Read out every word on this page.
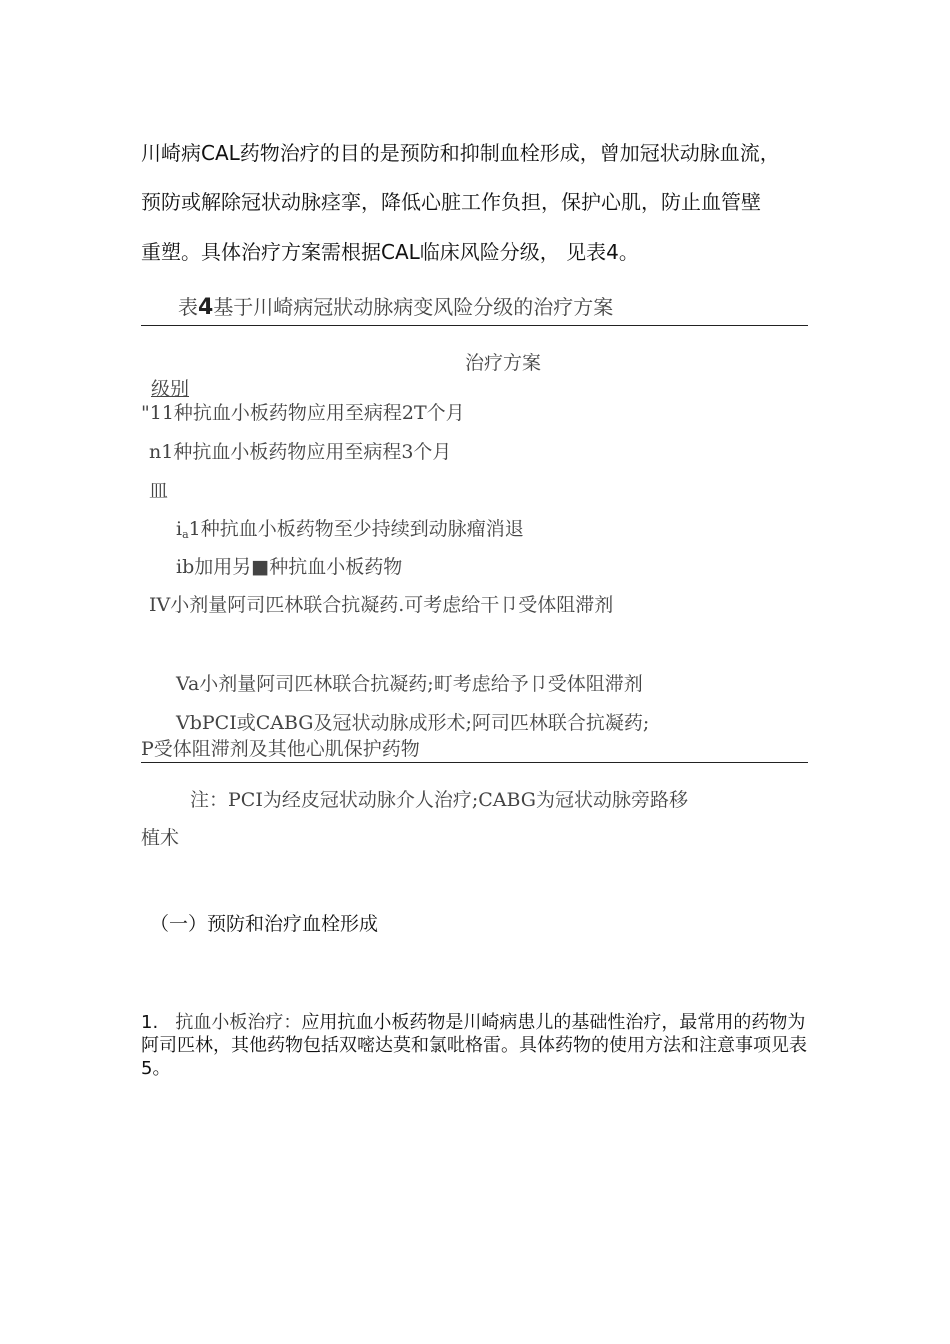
川崎病CAL药物治疗的目的是预防和抑制血栓形成，曾加冠状动脉血流，
预防或解除冠状动脉痉挛，降低心脏工作负担，保护心肌，防止血管壁
重塑。具体治疗方案需根据CAL临床风险分级， 见表4。
表4基于川崎病冠狀动脉病变风险分级的治疗方案
治疗方案
级别
"11种抗血小板药物应用至病程2T个月
n1种抗血小板药物应用至病程3个月
皿
$i_a1$种抗血小板药物至少持续到动脉瘤消退
ib加用另■种抗血小板药物
IV小剂量阿司匹林联合抗凝药.可考虑给干卩受体阻滞剂
Va小剂量阿司匹林联合抗凝药;町考虑给予卩受体阻滞剂
VbPCI或CABG及冠状动脉成形术;阿司匹林联合抗凝药;
P受体阻滞剂及其他心肌保护药物
注：PCI为经皮冠状动脉介人治疗;CABG为冠状动脉旁路移
植术
（一）预防和治疗血栓形成
1. 抗血小板治疗：应用抗血小板药物是川崎病患儿的基础性治疗，最常用的药物为阿司匹林，其他药物包括双嘧达莫和氯吡格雷。具体药物的使用方法和注意事项见表5。
